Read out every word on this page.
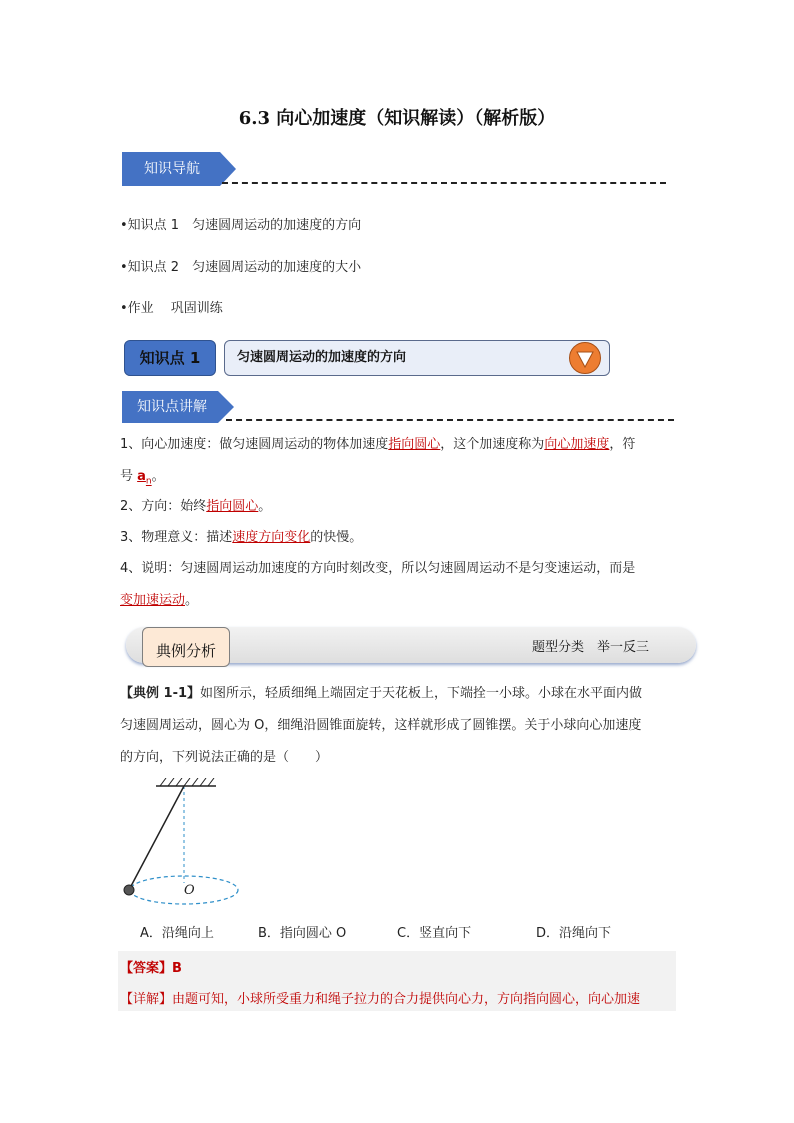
6.3 向心加速度（知识解读）（解析版）
知识导航
•知识点 1　匀速圆周运动的加速度的方向
•知识点 2　匀速圆周运动的加速度的大小
•作业　 巩固训练
知识点 1	匀速圆周运动的加速度的方向
知识点讲解
1、向心加速度：做匀速圆周运动的物体加速度指向圆心，这个加速度称为向心加速度，符
号 $a_n$。
2、方向：始终指向圆心。
3、物理意义：描述速度方向变化的快慢。
4、说明：匀速圆周运动加速度的方向时刻改变，所以匀速圆周运动不是匀变速运动，而是
变加速运动。
典例分析	题型分类　举一反三
【典例 1-1】如图所示，轻质细绳上端固定于天花板上，下端拴一小球。小球在水平面内做
匀速圆周运动，圆心为 O，细绳沿圆锥面旋转，这样就形成了圆锥摆。关于小球向心加速度
的方向，下列说法正确的是（　　）
O
A．沿绳向上	B．指向圆心 O	C．竖直向下	D．沿绳向下
【答案】B
【详解】由题可知，小球所受重力和绳子拉力的合力提供向心力，方向指向圆心，向心加速
